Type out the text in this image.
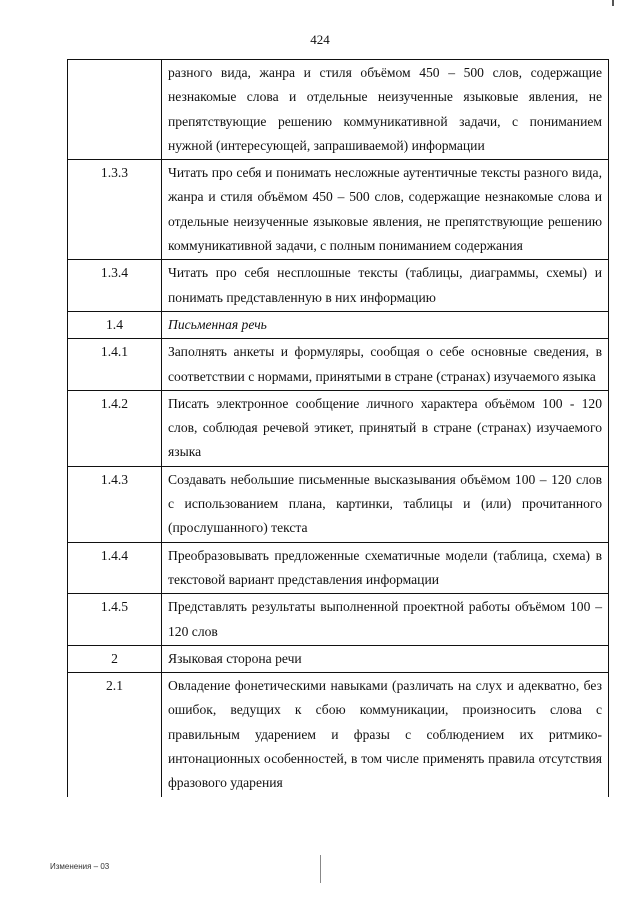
424
	разного вида, жанра и стиля объёмом 450 – 500 слов, содержащие незнакомые слова и отдельные неизученные языковые явления, не препятствующие решению коммуникативной задачи, с пониманием нужной (интересующей, запрашиваемой) информации
1.3.3	Читать про себя и понимать несложные аутентичные тексты разного вида, жанра и стиля объёмом 450 – 500 слов, содержащие незнакомые слова и отдельные неизученные языковые явления, не препятствующие решению коммуникативной задачи, с полным пониманием содержания
1.3.4	Читать про себя несплошные тексты (таблицы, диаграммы, схемы) и понимать представленную в них информацию
1.4	Письменная речь
1.4.1	Заполнять анкеты и формуляры, сообщая о себе основные сведения, в соответствии с нормами, принятыми в стране (странах) изучаемого языка
1.4.2	Писать электронное сообщение личного характера объёмом 100 - 120 слов, соблюдая речевой этикет, принятый в стране (странах) изучаемого языка
1.4.3	Создавать небольшие письменные высказывания объёмом 100 – 120 слов с использованием плана, картинки, таблицы и (или) прочитанного (прослушанного) текста
1.4.4	Преобразовывать предложенные схематичные модели (таблица, схема) в текстовой вариант представления информации
1.4.5	Представлять результаты выполненной проектной работы объёмом 100 – 120 слов
2	Языковая сторона речи
2.1	Овладение фонетическими навыками (различать на слух и адекватно, без ошибок, ведущих к сбою коммуникации, произносить слова с правильным ударением и фразы с соблюдением их ритмико-интонационных особенностей, в том числе применять правила отсутствия фразового ударения
Изменения – 03
